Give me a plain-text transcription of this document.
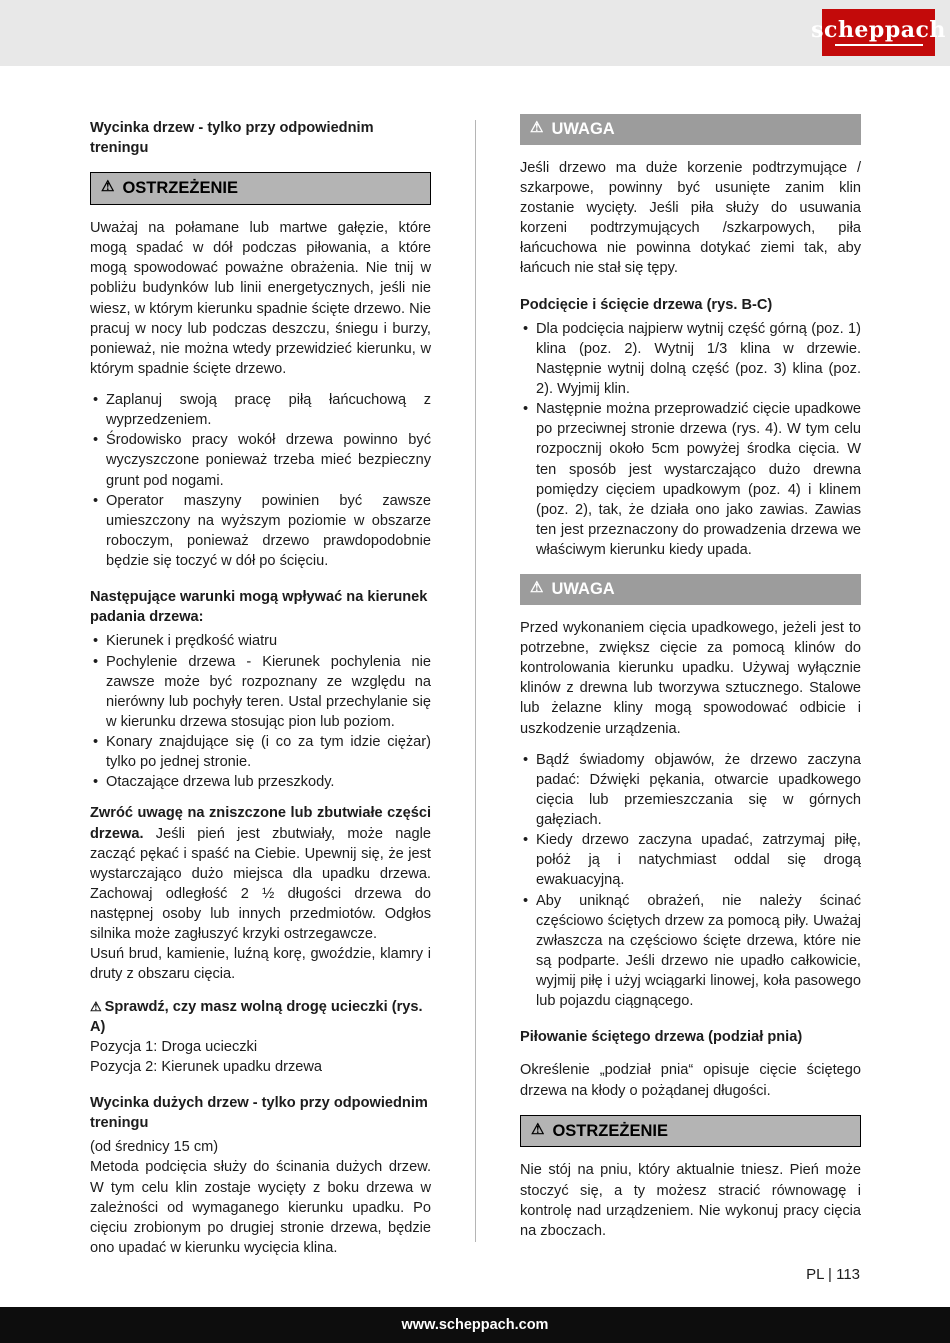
scheppach

Wycinka drzew - tylko przy odpowiednim treningu

⚠ OSTRZEŻENIE

Uważaj na połamane lub martwe gałęzie, które mogą spadać w dół podczas piłowania, a które mogą spowodować poważne obrażenia. Nie tnij w pobliżu budynków lub linii energetycznych, jeśli nie wiesz, w którym kierunku spadnie ścięte drzewo. Nie pracuj w nocy lub podczas deszczu, śniegu i burzy, ponieważ, nie można wtedy przewidzieć kierunku, w którym spadnie ścięte drzewo.

• Zaplanuj swoją pracę piłą łańcuchową z wyprzedzeniem.
• Środowisko pracy wokół drzewa powinno być wyczyszczone ponieważ trzeba mieć bezpieczny grunt pod nogami.
• Operator maszyny powinien być zawsze umieszczony na wyższym poziomie w obszarze roboczym, ponieważ drzewo prawdopodobnie będzie się toczyć w dół po ścięciu.

Następujące warunki mogą wpływać na kierunek padania drzewa:

• Kierunek i prędkość wiatru
• Pochylenie drzewa - Kierunek pochylenia nie zawsze może być rozpoznany ze względu na nierówny lub pochyły teren. Ustal przechylanie się w kierunku drzewa stosując pion lub poziom.
• Konary znajdujące się (i co za tym idzie ciężar) tylko po jednej stronie.
• Otaczające drzewa lub przeszkody.

Zwróć uwagę na zniszczone lub zbutwiałe części drzewa. Jeśli pień jest zbutwiały, może nagle zacząć pękać i spaść na Ciebie. Upewnij się, że jest wystarczająco dużo miejsca dla upadku drzewa. Zachowaj odległość 2 ½ długości drzewa do następnej osoby lub innych przedmiotów. Odgłos silnika może zagłuszyć krzyki ostrzegawcze.

Usuń brud, kamienie, luźną korę, gwoździe, klamry i druty z obszaru cięcia.

⚠ Sprawdź, czy masz wolną drogę ucieczki (rys. A)

Pozycja 1: Droga ucieczki

Pozycja 2: Kierunek upadku drzewa

Wycinka dużych drzew - tylko przy odpowiednim treningu

(od średnicy 15 cm)

Metoda podcięcia służy do ścinania dużych drzew. W tym celu klin zostaje wycięty z boku drzewa w zależności od wymaganego kierunku upadku. Po cięciu zrobionym po drugiej stronie drzewa, będzie ono upadać w kierunku wycięcia klina.

⚠ UWAGA

Jeśli drzewo ma duże korzenie podtrzymujące / szkarpowe, powinny być usunięte zanim klin zostanie wycięty. Jeśli piła służy do usuwania korzeni podtrzymujących /szkarpowych, piła łańcuchowa nie powinna dotykać ziemi tak, aby łańcuch nie stał się tępy.

Podcięcie i ścięcie drzewa (rys. B-C)

• Dla podcięcia najpierw wytnij część górną (poz. 1) klina (poz. 2). Wytnij 1/3 klina w drzewie. Następnie wytnij dolną część (poz. 3) klina (poz. 2). Wyjmij klin.
• Następnie można przeprowadzić cięcie upadkowe po przeciwnej stronie drzewa (rys. 4). W tym celu rozpocznij około 5cm powyżej środka cięcia. W ten sposób jest wystarczająco dużo drewna pomiędzy cięciem upadkowym (poz. 4) i klinem (poz. 2), tak, że działa ono jako zawias. Zawias ten jest przeznaczony do prowadzenia drzewa we właściwym kierunku kiedy upada.
⚠ UWAGA

Przed wykonaniem cięcia upadkowego, jeżeli jest to potrzebne, zwiększ cięcie za pomocą klinów do kontrolowania kierunku upadku. Używaj wyłącznie klinów z drewna lub tworzywa sztucznego. Stalowe lub żelazne kliny mogą spowodować odbicie i uszkodzenie urządzenia.

• Bądź świadomy objawów, że drzewo zaczyna padać: Dźwięki pękania, otwarcie upadkowego cięcia lub przemieszczania się w górnych gałęziach.
• Kiedy drzewo zaczyna upadać, zatrzymaj piłę, połóż ją i natychmiast oddal się drogą ewakuacyjną.
• Aby uniknąć obrażeń, nie należy ścinać częściowo ściętych drzew za pomocą piły. Uważaj zwłaszcza na częściowo ścięte drzewa, które nie są podparte. Jeśli drzewo nie upadło całkowicie, wyjmij piłę i użyj wciągarki linowej, koła pasowego lub pojazdu ciągnącego.

Piłowanie ściętego drzewa (podział pnia)

Określenie „podział pnia“ opisuje cięcie ściętego drzewa na kłody o pożądanej długości.

⚠ OSTRZEŻENIE

Nie stój na pniu, który aktualnie tniesz. Pień może stoczyć się, a ty możesz stracić równowagę i kontrolę nad urządzeniem. Nie wykonuj pracy cięcia na zboczach.

PL | 113
www.scheppach.com
